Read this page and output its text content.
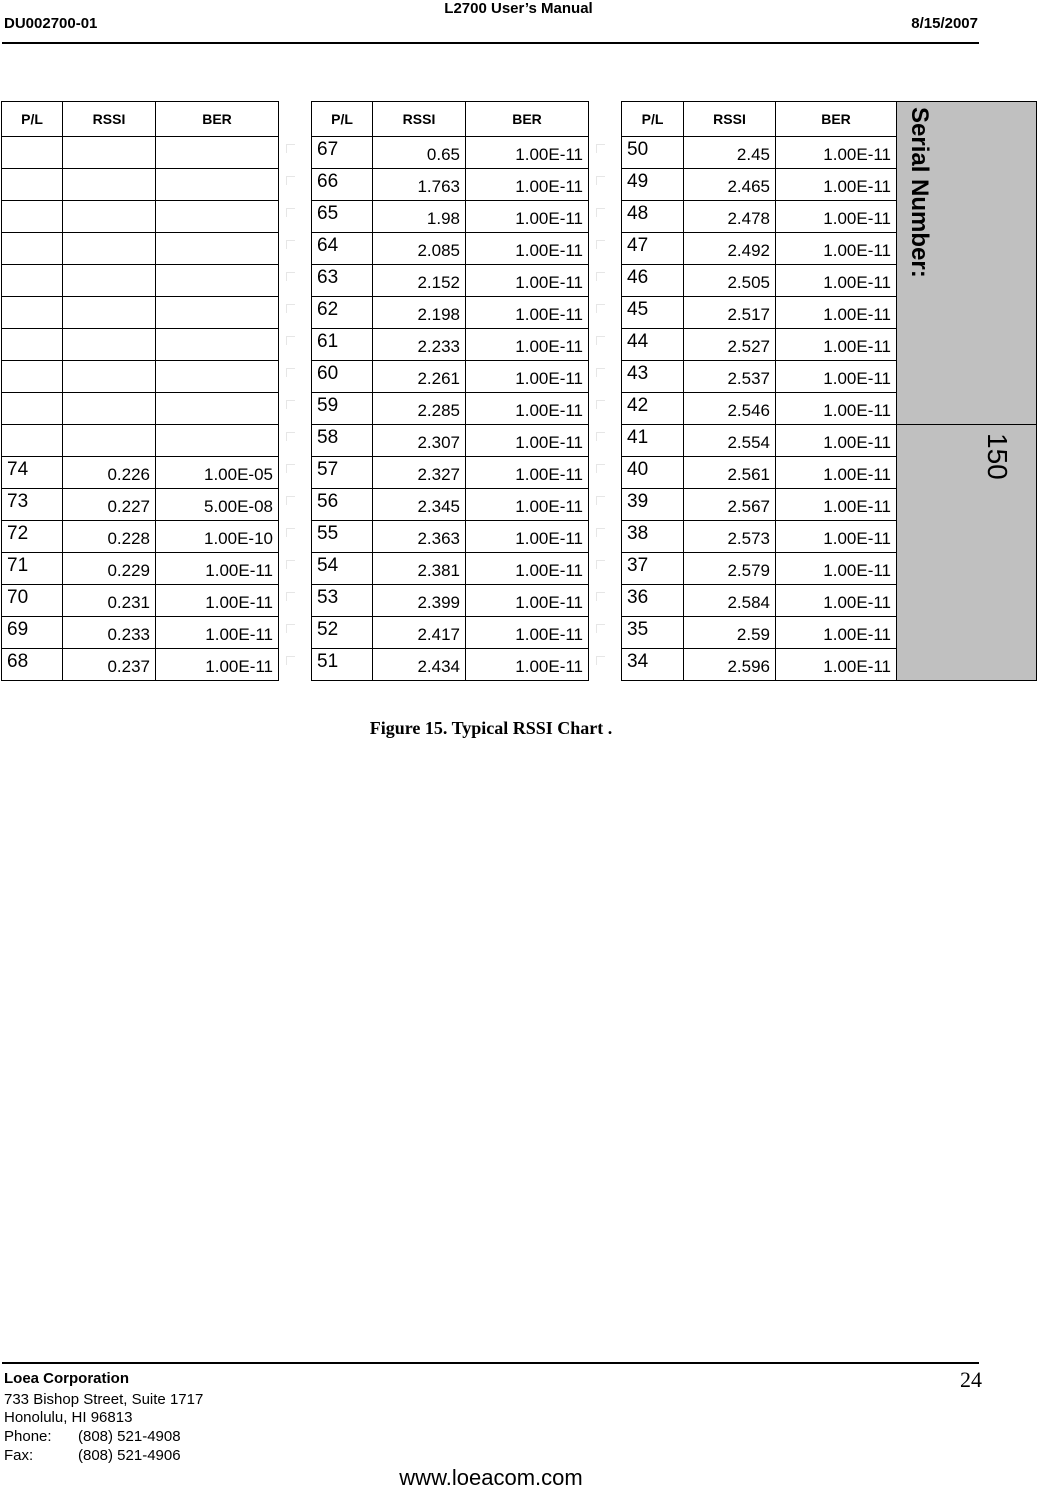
L2700 User’s Manual
DU002700-01	8/15/2007
P/L	RSSI	BER		P/L	RSSI	BER		P/L	RSSI	BER	Serial Number:

				67	0.65	1.00E-11		50	2.45	1.00E-11	
				66	1.763	1.00E-11		49	2.465	1.00E-11	
				65	1.98	1.00E-11		48	2.478	1.00E-11	
				64	2.085	1.00E-11		47	2.492	1.00E-11	
				63	2.152	1.00E-11		46	2.505	1.00E-11	
				62	2.198	1.00E-11		45	2.517	1.00E-11	
				61	2.233	1.00E-11		44	2.527	1.00E-11	
				60	2.261	1.00E-11		43	2.537	1.00E-11	
				59	2.285	1.00E-11		42	2.546	1.00E-11	
				58	2.307	1.00E-11		41	2.554	1.00E-11	150

74	0.226	1.00E-05		57	2.327	1.00E-11		40	2.561	1.00E-11	
73	0.227	5.00E-08		56	2.345	1.00E-11		39	2.567	1.00E-11	
72	0.228	1.00E-10		55	2.363	1.00E-11		38	2.573	1.00E-11	
71	0.229	1.00E-11		54	2.381	1.00E-11		37	2.579	1.00E-11	
70	0.231	1.00E-11		53	2.399	1.00E-11		36	2.584	1.00E-11	
69	0.233	1.00E-11		52	2.417	1.00E-11		35	2.59	1.00E-11	
68	0.237	1.00E-11		51	2.434	1.00E-11		34	2.596	1.00E-11	
Figure 15. Typical RSSI Chart .
Loea Corporation
733 Bishop Street, Suite 1717
Honolulu, HI 96813
Phone: (808) 521-4908
Fax:	(808) 521-4906
24
www.loeacom.com
